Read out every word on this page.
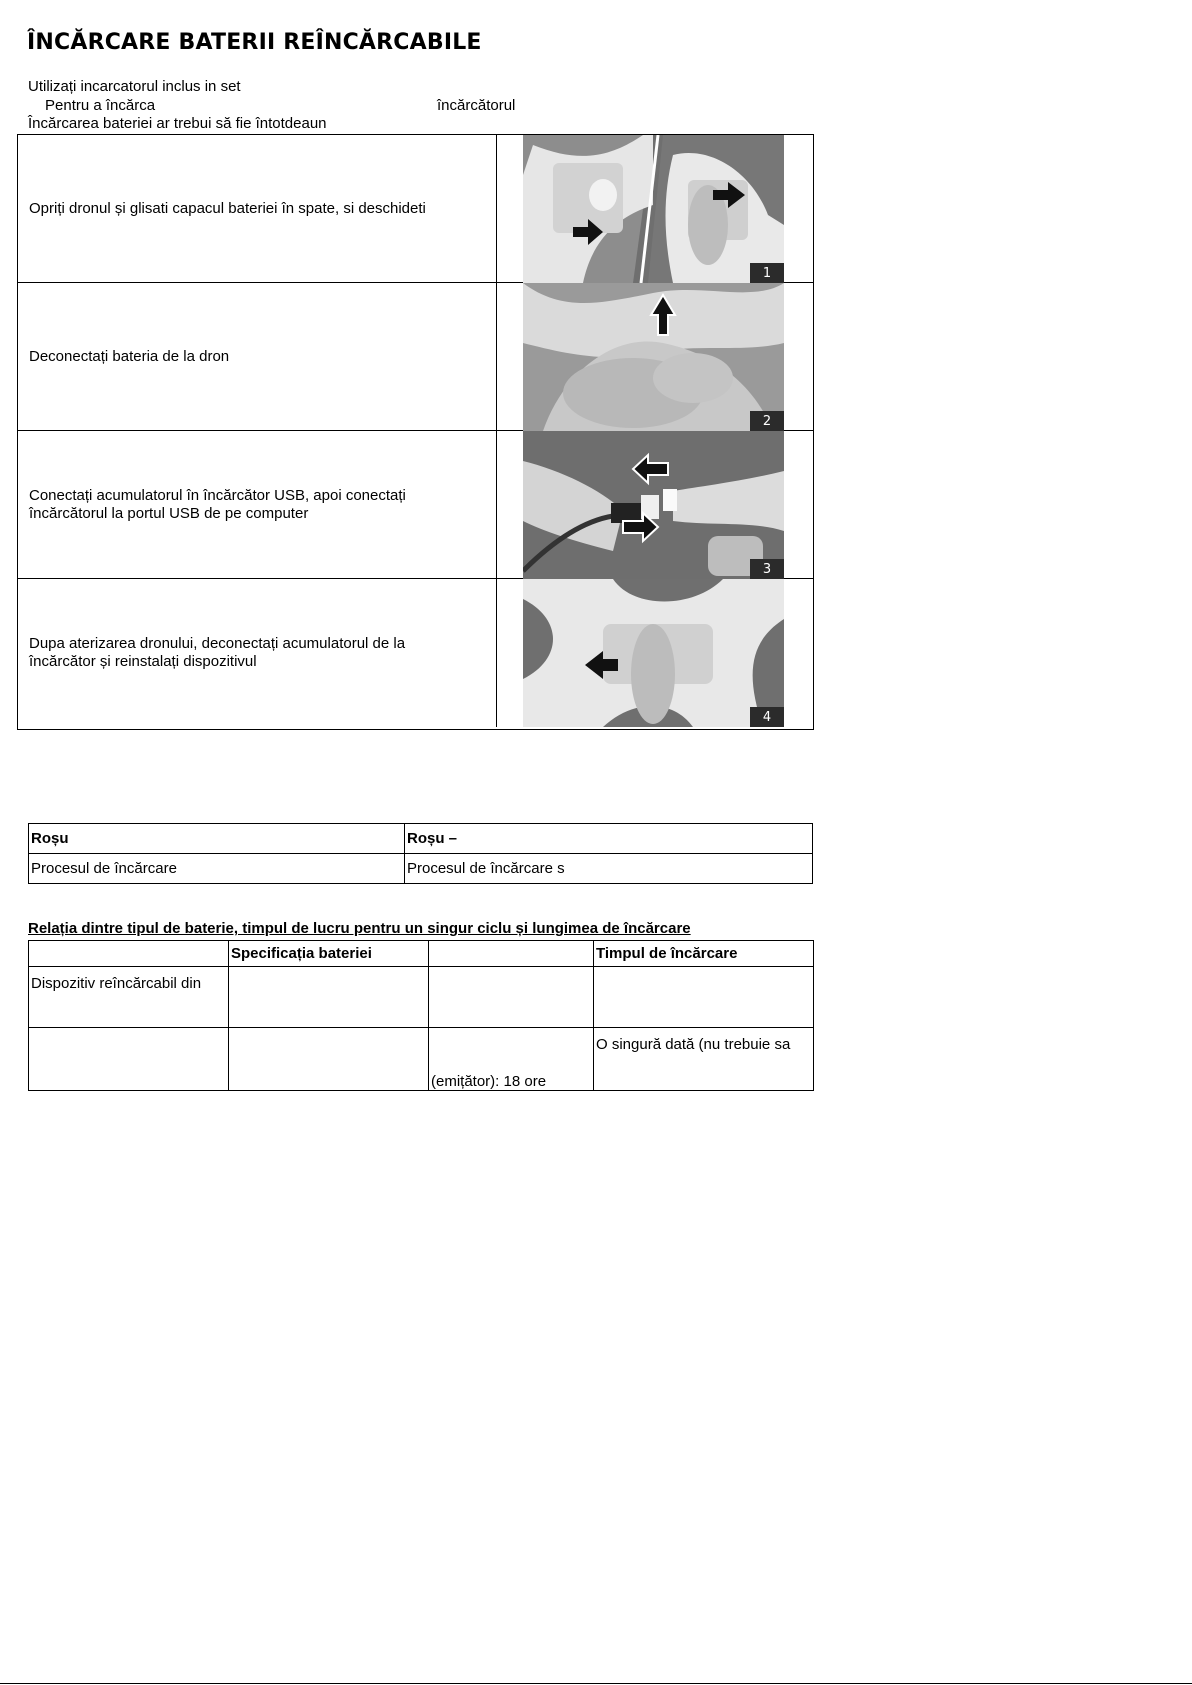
ÎNCĂRCARE BATERII REÎNCĂRCABILE
Utilizați incarcatorul inclus in set
Pentru a încărca	încărcătorul
Încărcarea bateriei ar trebui să fie întotdeaun
Opriți dronul și glisati capacul bateriei în spate, si deschideti
1
Deconectați bateria de la dron
2
Conectați acumulatorul în încărcător USB, apoi conectați
încărcătorul la portul USB de pe computer
3
Dupa aterizarea dronului, deconectați acumulatorul de la
încărcător și reinstalați dispozitivul
4
Roșu	Roșu –
Procesul de încărcare	Procesul de încărcare s
Relația dintre tipul de baterie, timpul de lucru pentru un singur ciclu și lungimea de încărcare
	Specificația bateriei		Timpul de încărcare
Dispozitiv reîncărcabil din			
		(emițător): 18 ore	O singură dată (nu trebuie sa
